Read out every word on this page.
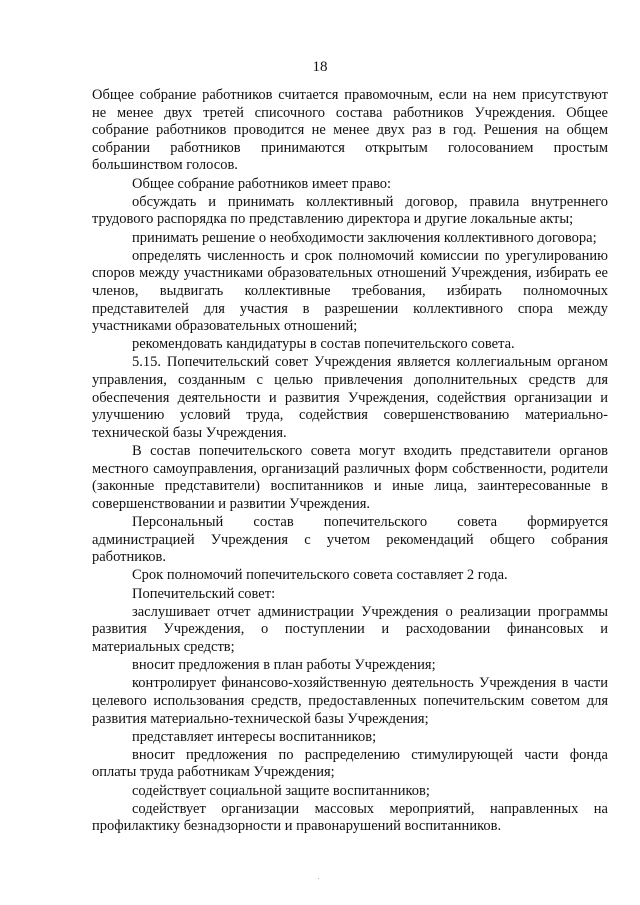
18

Общее собрание работников считается правомочным, если на нем присутствуют не менее двух третей списочного состава работников Учреждения. Общее собрание работников проводится не менее двух раз в год. Решения на общем собрании работников принимаются открытым голосованием простым большинством голосов.

Общее собрание работников имеет право:

обсуждать и принимать коллективный договор, правила внутреннего трудового распорядка по представлению директора и другие локальные акты;

принимать решение о необходимости заключения коллективного договора;

определять численность и срок полномочий комиссии по урегулированию споров между участниками образовательных отношений Учреждения, избирать ее членов, выдвигать коллективные требования, избирать полномочных представителей для участия в разрешении коллективного спора между участниками образовательных отношений;

рекомендовать кандидатуры в состав попечительского совета.

5.15. Попечительский совет Учреждения является коллегиальным органом управления, созданным с целью привлечения дополнительных средств для обеспечения деятельности и развития Учреждения, содействия организации и улучшению условий труда, содействия совершенствованию материально-технической базы Учреждения.

В состав попечительского совета могут входить представители органов местного самоуправления, организаций различных форм собственности, родители (законные представители) воспитанников и иные лица, заинтересованные в совершенствовании и развитии Учреждения.

Персональный состав попечительского совета формируется администрацией Учреждения с учетом рекомендаций общего собрания работников.

Срок полномочий попечительского совета составляет 2 года.

Попечительский совет:

заслушивает отчет администрации Учреждения о реализации программы развития Учреждения, о поступлении и расходовании финансовых и материальных средств;

вносит предложения в план работы Учреждения;

контролирует финансово-хозяйственную деятельность Учреждения в части целевого использования средств, предоставленных попечительским советом для развития материально-технической базы Учреждения;

представляет интересы воспитанников;

вносит предложения по распределению стимулирующей части фонда оплаты труда работникам Учреждения;

содействует социальной защите воспитанников;

содействует организации массовых мероприятий, направленных на профилактику безнадзорности и правонарушений воспитанников.
